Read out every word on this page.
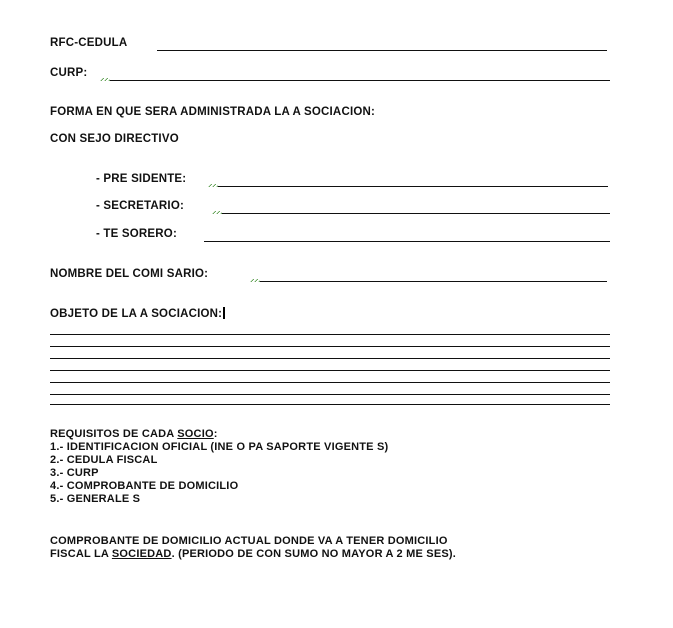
RFC-CEDULA
CURP:
FORMA EN QUE SERA ADMINISTRADA LA A SOCIACION:
CON SEJO DIRECTIVO
- PRE SIDENTE:
- SECRETARIO:
- TE SORERO:
NOMBRE DEL COMI SARIO:
OBJETO DE LA A SOCIACION:
REQUISITOS DE CADA SOCIO:
1.- IDENTIFICACION OFICIAL (INE O PA SAPORTE VIGENTE S)
2.- CEDULA FISCAL
3.- CURP
4.- COMPROBANTE DE DOMICILIO
5.- GENERALE S
COMPROBANTE DE DOMICILIO ACTUAL DONDE VA A TENER DOMICILIO
FISCAL LA SOCIEDAD. (PERIODO DE CON SUMO NO MAYOR A 2 ME SES).
